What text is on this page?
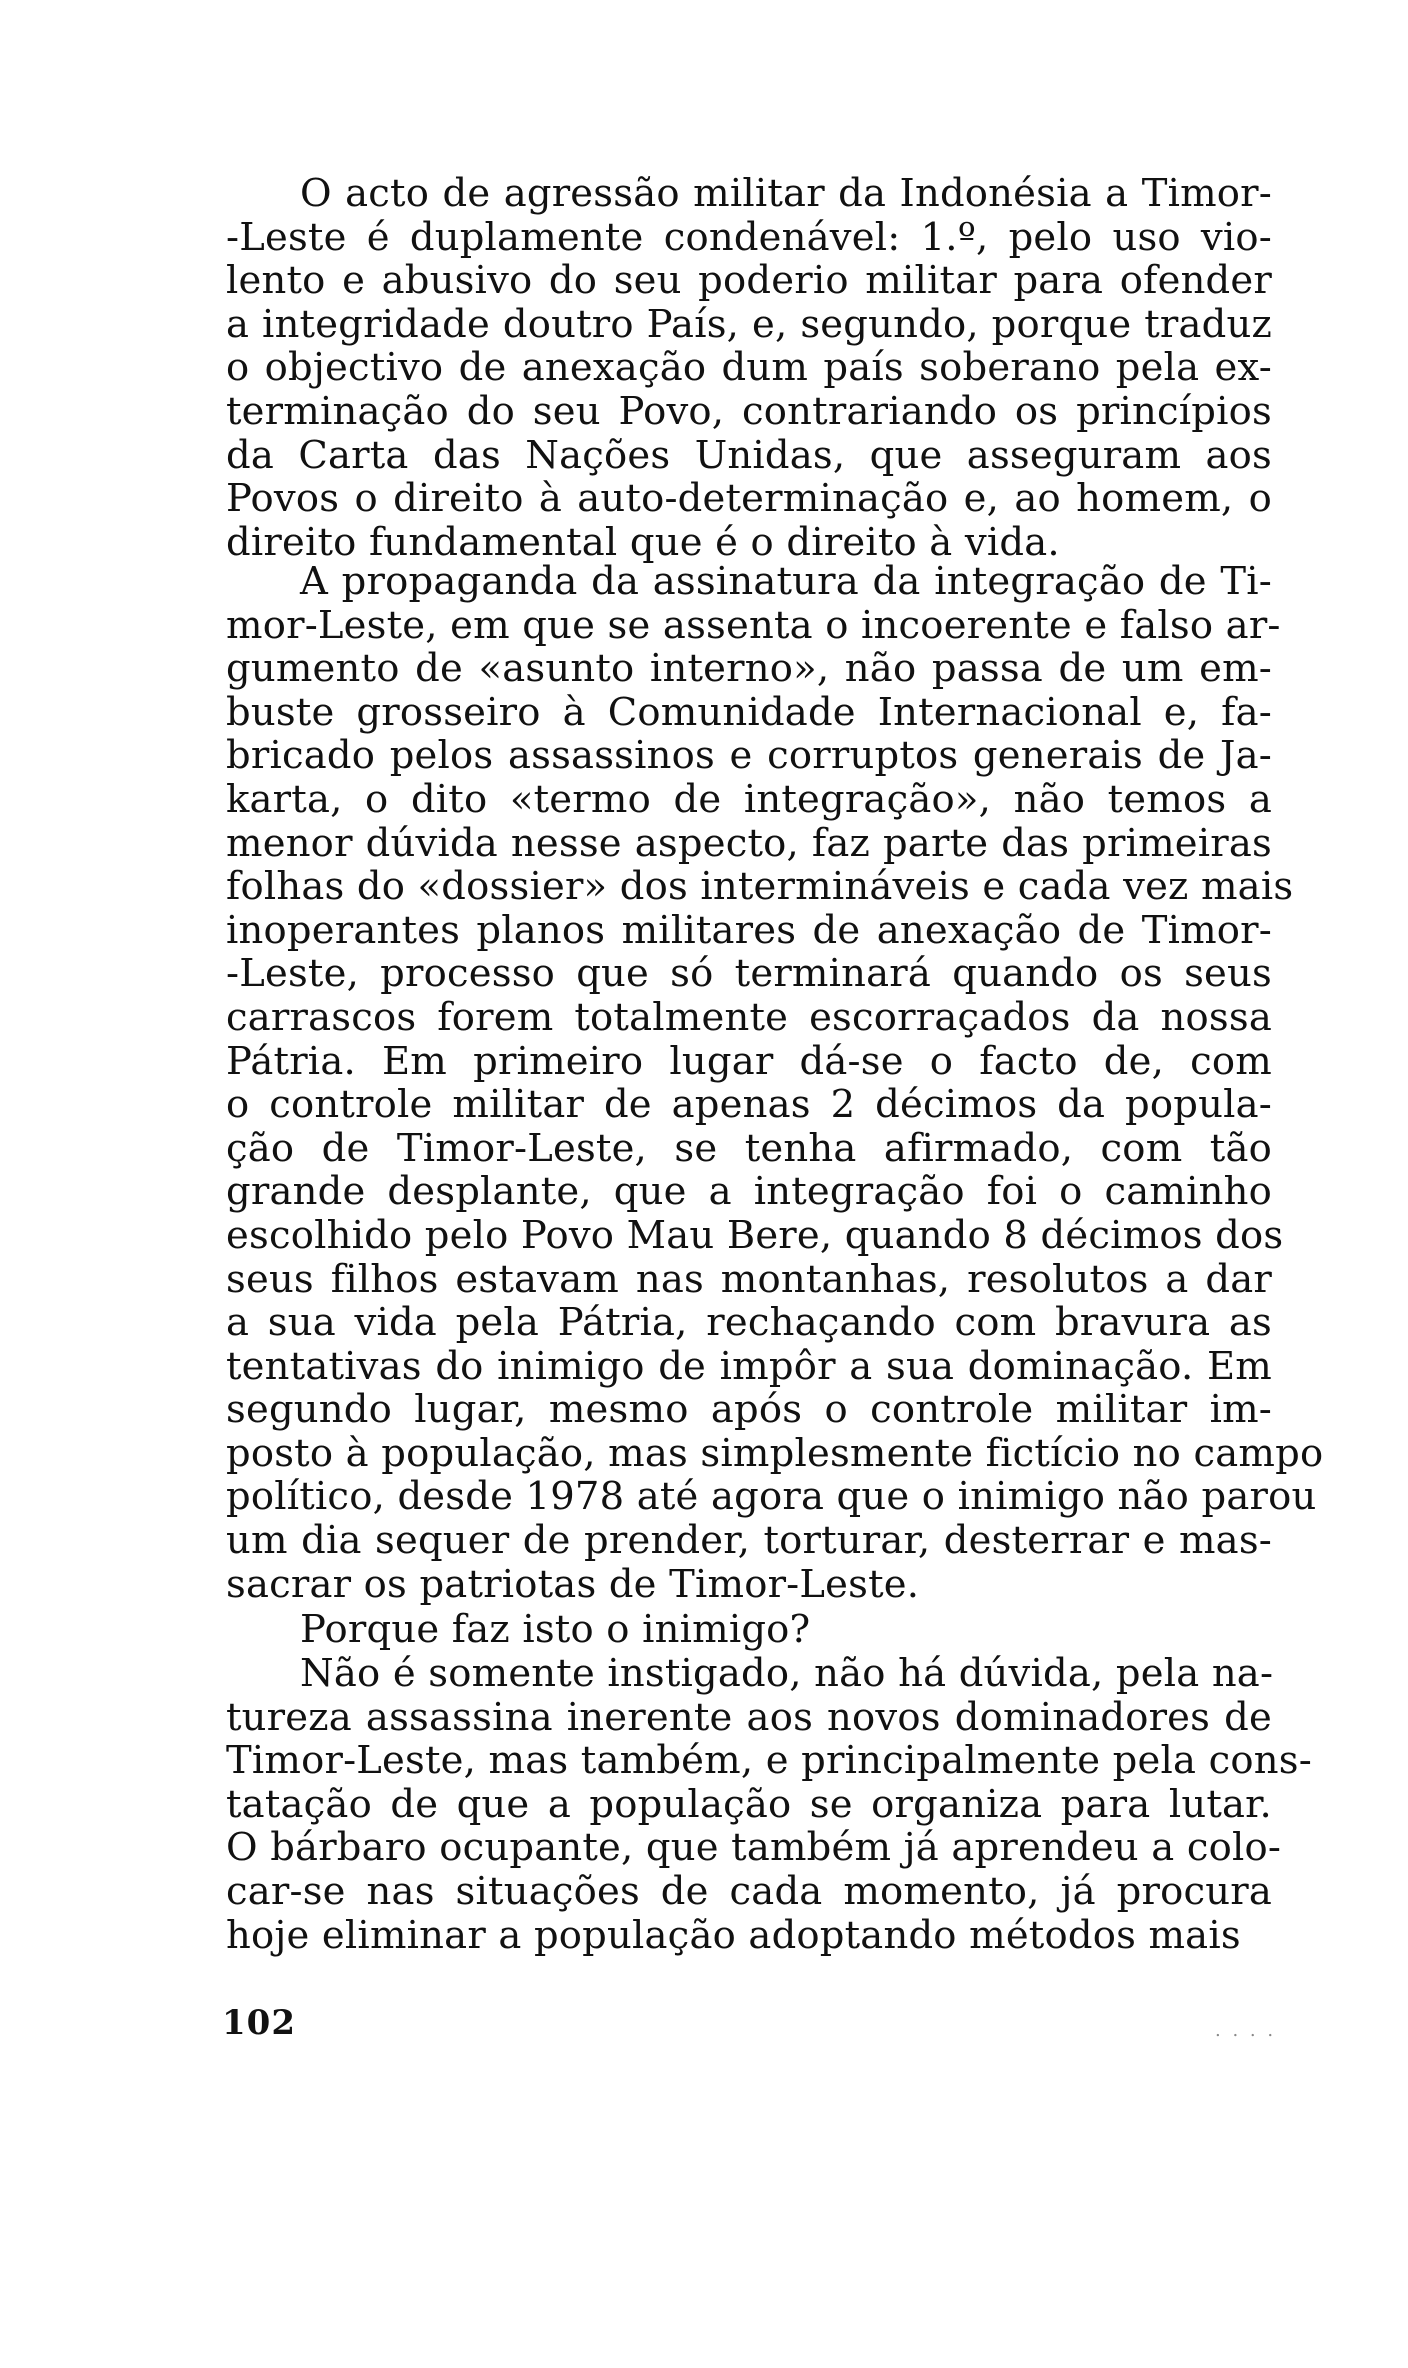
O acto de agressão militar da Indonésia a Timor-
-Leste é duplamente condenável: 1.º, pelo uso vio-
lento e abusivo do seu poderio militar para ofender
a integridade doutro País, e, segundo, porque traduz
o objectivo de anexação dum país soberano pela ex-
terminação do seu Povo, contrariando os princípios
da Carta das Nações Unidas, que asseguram aos
Povos o direito à auto-determinação e, ao homem, o
direito fundamental que é o direito à vida.
A propaganda da assinatura da integração de Ti-
mor-Leste, em que se assenta o incoerente e falso ar-
gumento de «asunto interno», não passa de um em-
buste grosseiro à Comunidade Internacional e, fa-
bricado pelos assassinos e corruptos generais de Ja-
karta, o dito «termo de integração», não temos a
menor dúvida nesse aspecto, faz parte das primeiras
folhas do «dossier» dos intermináveis e cada vez mais
inoperantes planos militares de anexação de Timor-
-Leste, processo que só terminará quando os seus
carrascos forem totalmente escorraçados da nossa
Pátria. Em primeiro lugar dá-se o facto de, com
o controle militar de apenas 2 décimos da popula-
ção de Timor-Leste, se tenha afirmado, com tão
grande desplante, que a integração foi o caminho
escolhido pelo Povo Mau Bere, quando 8 décimos dos
seus filhos estavam nas montanhas, resolutos a dar
a sua vida pela Pátria, rechaçando com bravura as
tentativas do inimigo de impôr a sua dominação. Em
segundo lugar, mesmo após o controle militar im-
posto à população, mas simplesmente fictício no campo
político, desde 1978 até agora que o inimigo não parou
um dia sequer de prender, torturar, desterrar e mas-
sacrar os patriotas de Timor-Leste.
Porque faz isto o inimigo?
Não é somente instigado, não há dúvida, pela na-
tureza assassina inerente aos novos dominadores de
Timor-Leste, mas também, e principalmente pela cons-
tatação de que a população se organiza para lutar.
O bárbaro ocupante, que também já aprendeu a colo-
car-se nas situações de cada momento, já procura
hoje eliminar a população adoptando métodos mais
102	. . . .
